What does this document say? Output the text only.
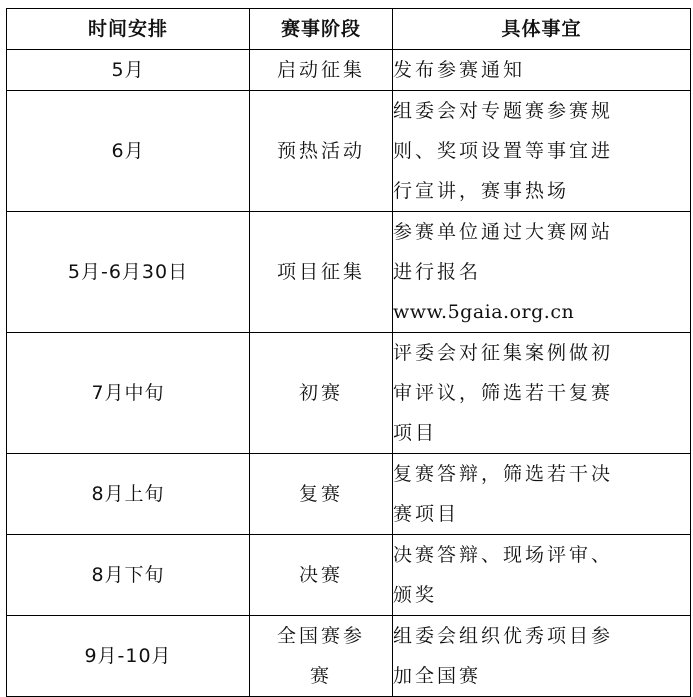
时间安排	赛事阶段	具体事宜
5月	启动征集	发布参赛通知

6月	预热活动	组委会对专题赛参赛规
则、奖项设置等事宜进
行宣讲，赛事热场

5月-6月30日	项目征集	参赛单位通过大赛网站
进行报名
www.5gaia.org.cn

7月中旬	初赛	评委会对征集案例做初
审评议，筛选若干复赛
项目

8月上旬	复赛	复赛答辩，筛选若干决
赛项目

8月下旬	决赛	决赛答辩、现场评审、
颁奖

9月-10月	全国赛参赛	组委会组织优秀项目参
加全国赛
